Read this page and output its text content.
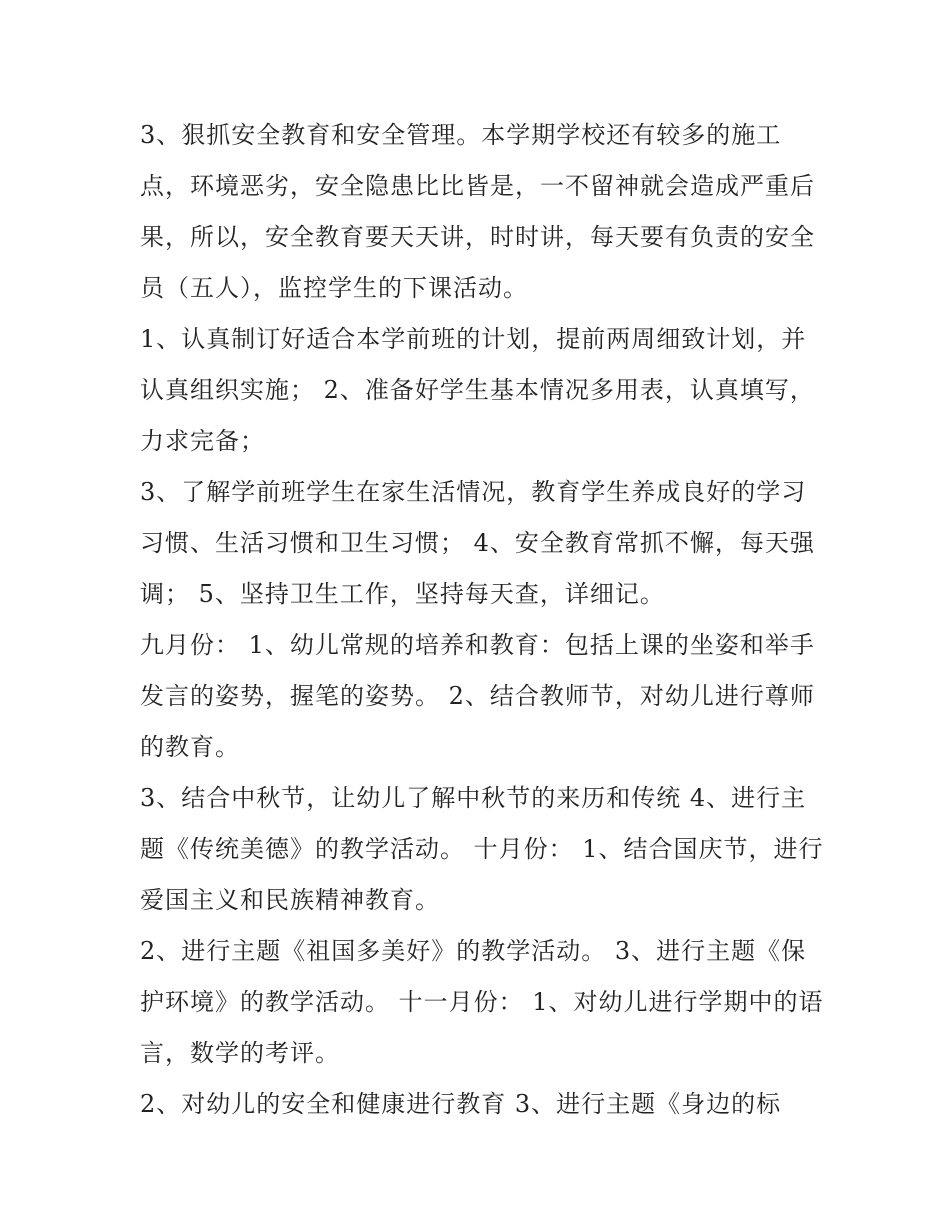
3、狠抓安全教育和安全管理。本学期学校还有较多的施工
点，环境恶劣，安全隐患比比皆是，一不留神就会造成严重后
果，所以，安全教育要天天讲，时时讲，每天要有负责的安全
员（五人），监控学生的下课活动。

1、认真制订好适合本学前班的计划，提前两周细致计划，并
认真组织实施； 2、准备好学生基本情况多用表，认真填写，
力求完备；

3、了解学前班学生在家生活情况，教育学生养成良好的学习
习惯、生活习惯和卫生习惯； 4、安全教育常抓不懈，每天强
调； 5、坚持卫生工作，坚持每天查，详细记。

九月份： 1、幼儿常规的培养和教育：包括上课的坐姿和举手
发言的姿势，握笔的姿势。 2、结合教师节，对幼儿进行尊师
的教育。

3、结合中秋节，让幼儿了解中秋节的来历和传统 4、进行主
题《传统美德》的教学活动。 十月份： 1、结合国庆节，进行
爱国主义和民族精神教育。

2、进行主题《祖国多美好》的教学活动。 3、进行主题《保
护环境》的教学活动。 十一月份： 1、对幼儿进行学期中的语
言，数学的考评。

2、对幼儿的安全和健康进行教育 3、进行主题《身边的标
